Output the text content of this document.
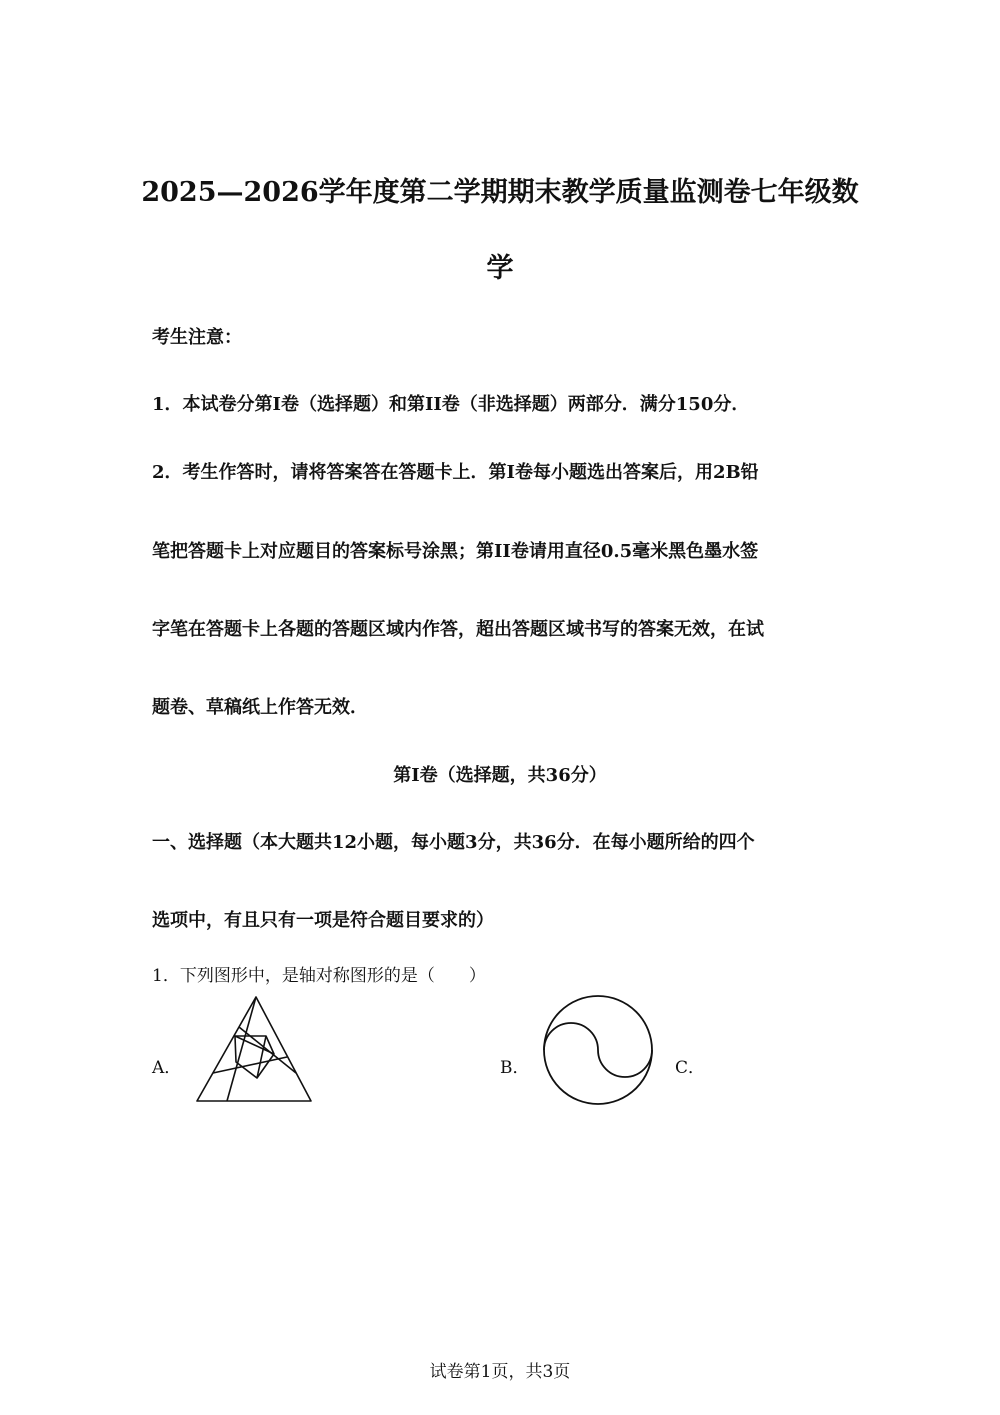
2025—2026学年度第二学期期末教学质量监测卷七年级数
学
考生注意：
1．本试卷分第I卷（选择题）和第II卷（非选择题）两部分．满分150分．
2．考生作答时，请将答案答在答题卡上．第I卷每小题选出答案后，用2B铅
笔把答题卡上对应题目的答案标号涂黑；第II卷请用直径0.5毫米黑色墨水签
字笔在答题卡上各题的答题区域内作答，超出答题区域书写的答案无效，在试
题卷、草稿纸上作答无效．
第I卷（选择题，共36分）
一、选择题（本大题共12小题，每小题3分，共36分．在每小题所给的四个
选项中，有且只有一项是符合题目要求的）
1．下列图形中，是轴对称图形的是（　　）
A．	B．	C．
试卷第1页，共3页
